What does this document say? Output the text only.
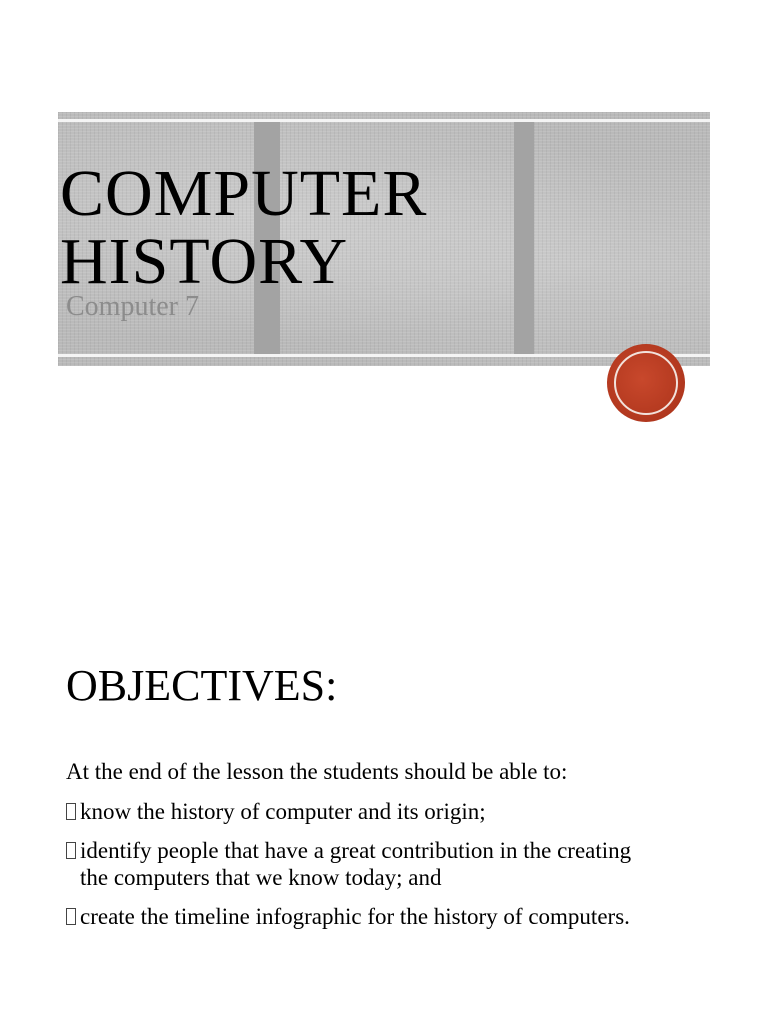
COMPUTER
HISTORY
Computer 7
OBJECTIVES:
At the end of the lesson the students should be able to:
know the history of computer and its origin;
identify people that have a great contribution in the creating
the computers that we know today; and
create the timeline infographic for the history of computers.
